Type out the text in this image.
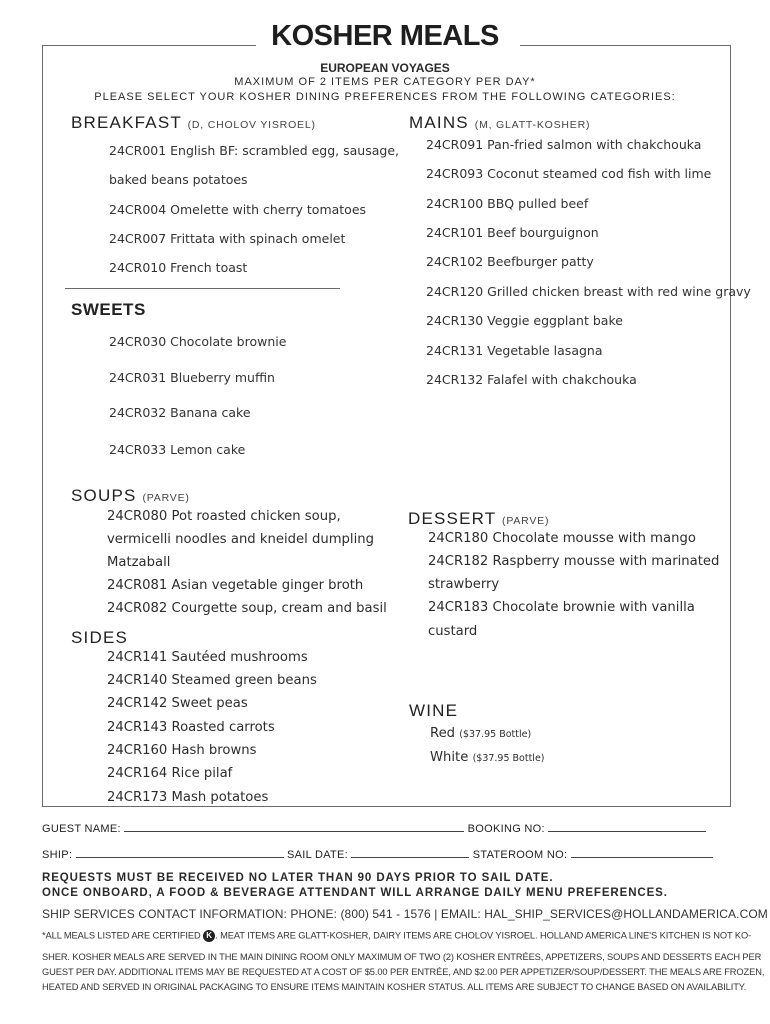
KOSHER MEALS
EUROPEAN VOYAGES
MAXIMUM OF 2 ITEMS PER CATEGORY PER DAY*
PLEASE SELECT YOUR KOSHER DINING PREFERENCES FROM THE FOLLOWING CATEGORIES:
BREAKFAST (D, CHOLOV YISROEL)
24CR001 English BF: scrambled egg, sausage,
baked beans potatoes
24CR004 Omelette with cherry tomatoes
24CR007 Frittata with spinach omelet
24CR010 French toast
MAINS (M, GLATT-KOSHER)
24CR091 Pan-fried salmon with chakchouka
24CR093 Coconut steamed cod fish with lime
24CR100 BBQ pulled beef
24CR101 Beef bourguignon
24CR102 Beefburger patty
24CR120 Grilled chicken breast with red wine gravy
24CR130 Veggie eggplant bake
24CR131 Vegetable lasagna
24CR132 Falafel with chakchouka
SWEETS
24CR030 Chocolate brownie
24CR031 Blueberry muffin
24CR032 Banana cake
24CR033 Lemon cake
SOUPS (PARVE)
24CR080 Pot roasted chicken soup,
vermicelli noodles and kneidel dumpling
Matzaball
24CR081 Asian vegetable ginger broth
24CR082 Courgette soup, cream and basil
DESSERT (PARVE)
24CR180 Chocolate mousse with mango
24CR182 Raspberry mousse with marinated
strawberry
24CR183 Chocolate brownie with vanilla
custard
SIDES
24CR141 Sautéed mushrooms
24CR140 Steamed green beans
24CR142 Sweet peas
24CR143 Roasted carrots
24CR160 Hash browns
24CR164 Rice pilaf
24CR173 Mash potatoes
WINE
Red ($37.95 Bottle)
White ($37.95 Bottle)
GUEST NAME:	BOOKING NO:
SHIP:	SAIL DATE:	STATEROOM NO:
REQUESTS MUST BE RECEIVED NO LATER THAN 90 DAYS PRIOR TO SAIL DATE.
ONCE ONBOARD, A FOOD & BEVERAGE ATTENDANT WILL ARRANGE DAILY MENU PREFERENCES.
SHIP SERVICES CONTACT INFORMATION: PHONE: (800) 541 - 1576 | EMAIL: HAL_SHIP_SERVICES@HOLLANDAMERICA.COM
*ALL MEALS LISTED ARE CERTIFIED K . MEAT ITEMS ARE GLATT-KOSHER, DAIRY ITEMS ARE CHOLOV YISROEL. HOLLAND AMERICA LINE’S KITCHEN IS NOT KO-
SHER. KOSHER MEALS ARE SERVED IN THE MAIN DINING ROOM ONLY MAXIMUM OF TWO (2) KOSHER ENTRÉES, APPETIZERS, SOUPS AND DESSERTS EACH PER
GUEST PER DAY. ADDITIONAL ITEMS MAY BE REQUESTED AT A COST OF $5.00 PER ENTRÉE, AND $2.00 PER APPETIZER/SOUP/DESSERT. THE MEALS ARE FROZEN,
HEATED AND SERVED IN ORIGINAL PACKAGING TO ENSURE ITEMS MAINTAIN KOSHER STATUS. ALL ITEMS ARE SUBJECT TO CHANGE BASED ON AVAILABILITY.
